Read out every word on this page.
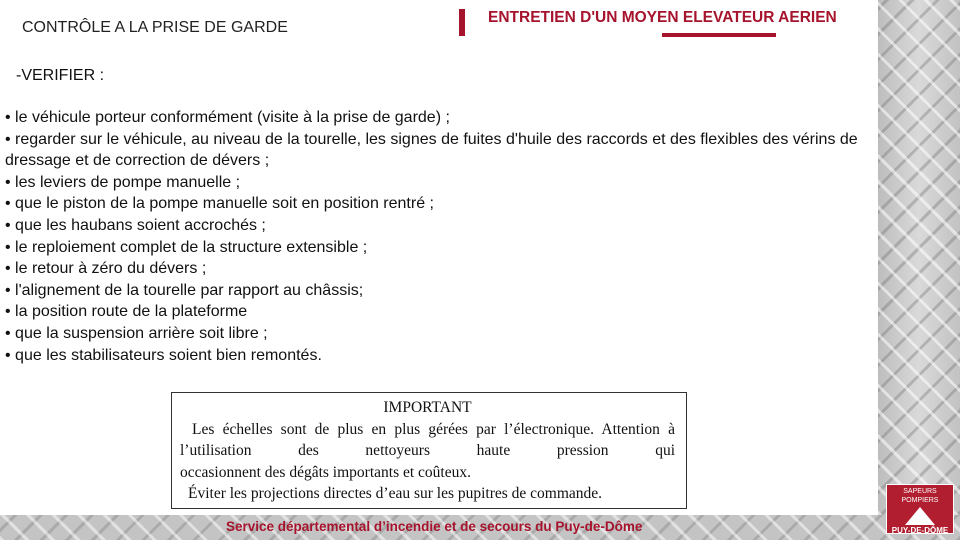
CONTRÔLE A LA PRISE DE GARDE
ENTRETIEN D'UN MOYEN ELEVATEUR AERIEN
-VERIFIER :
• le véhicule porteur conformément (visite à la prise de garde) ;
• regarder sur le véhicule, au niveau de la tourelle, les signes de fuites d'huile des raccords et des flexibles des vérins de dressage et de correction de dévers ;
• les leviers de pompe manuelle ;
• que le piston de la pompe manuelle soit en position rentré ;
• que les haubans soient accrochés ;
• le reploiement complet de la structure extensible ;
• le retour à zéro du dévers ;
• l'alignement de la tourelle par rapport au châssis;
• la position route de la plateforme
• que la suspension arrière soit libre ;
• que les stabilisateurs soient bien remontés.
IMPORTANT
Les échelles sont de plus en plus gérées par l’électronique. Attention à l’utilisation des nettoyeurs haute pression qui
occasionnent des dégâts importants et coûteux.
Éviter les projections directes d’eau sur les pupitres de commande.
Service départemental d’incendie et de secours du Puy-de-Dôme
SAPEURS POMPIERS
PUY-DE-DÔME
